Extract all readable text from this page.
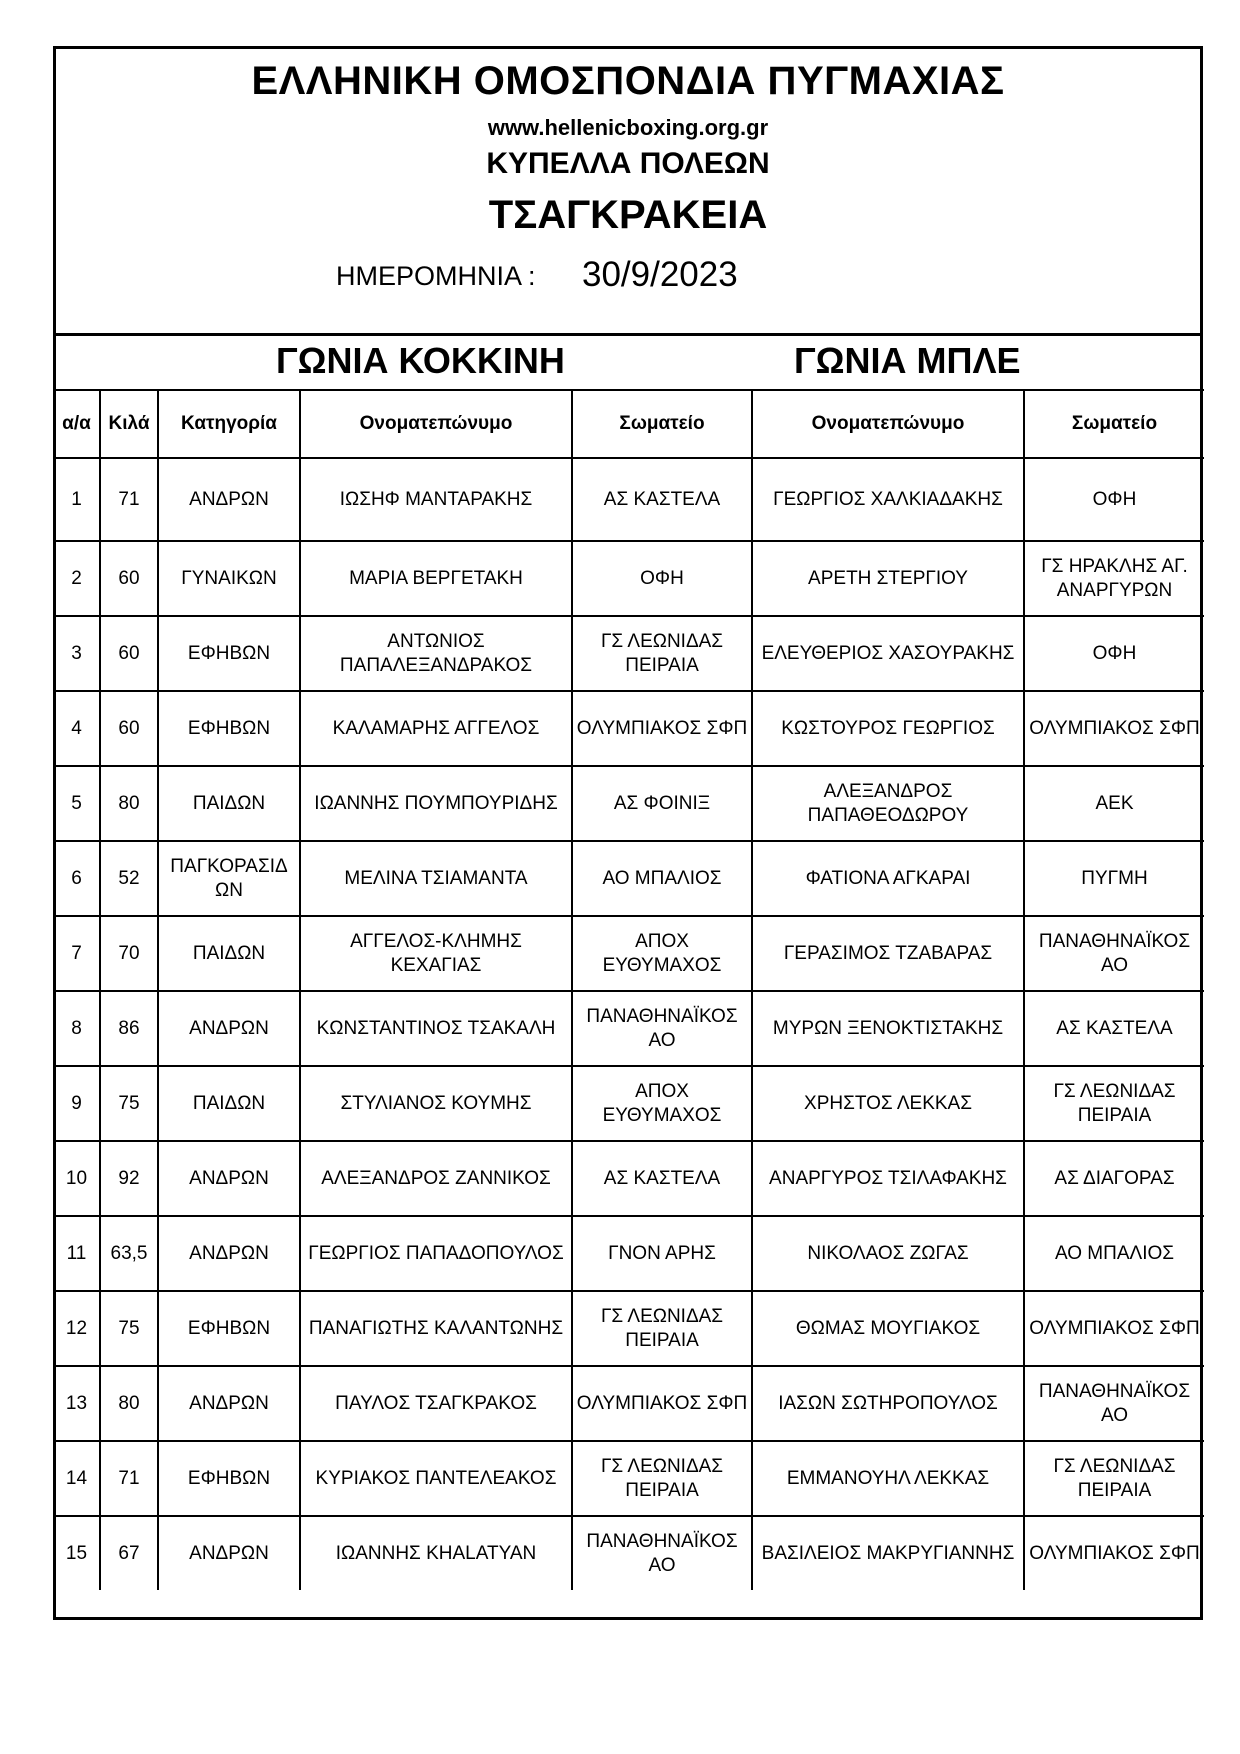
ΕΛΛΗΝΙΚΗ ΟΜΟΣΠΟΝΔΙΑ ΠΥΓΜΑΧΙΑΣ
www.hellenicboxing.org.gr
ΚΥΠΕΛΛΑ ΠΟΛΕΩΝ
ΤΣΑΓΚΡΑΚΕΙΑ
ΗΜΕΡΟΜΗΝΙΑ : 30/9/2023
ΓΩΝΙΑ ΚΟΚΚΙΝΗ	ΓΩΝΙΑ ΜΠΛΕ
α/α	Κιλά	Κατηγορία	Ονοματεπώνυμο	Σωματείο	Ονοματεπώνυμο	Σωματείο
1	71	ΑΝΔΡΩΝ	ΙΩΣΗΦ ΜΑΝΤΑΡΑΚΗΣ	ΑΣ ΚΑΣΤΕΛΑ	ΓΕΩΡΓΙΟΣ ΧΑΛΚΙΑΔΑΚΗΣ	ΟΦΗ
2	60	ΓΥΝΑΙΚΩΝ	ΜΑΡΙΑ ΒΕΡΓΕΤΑΚΗ	ΟΦΗ	ΑΡΕΤΗ ΣΤΕΡΓΙΟΥ	ΓΣ ΗΡΑΚΛΗΣ ΑΓ. ΑΝΑΡΓΥΡΩΝ
3	60	ΕΦΗΒΩΝ	ΑΝΤΩΝΙΟΣ ΠΑΠΑΛΕΞΑΝΔΡΑΚΟΣ	ΓΣ ΛΕΩΝΙΔΑΣ ΠΕΙΡΑΙΑ	ΕΛΕΥΘΕΡΙΟΣ ΧΑΣΟΥΡΑΚΗΣ	ΟΦΗ
4	60	ΕΦΗΒΩΝ	ΚΑΛΑΜΑΡΗΣ ΑΓΓΕΛΟΣ	ΟΛΥΜΠΙΑΚΟΣ ΣΦΠ	ΚΩΣΤΟΥΡΟΣ ΓΕΩΡΓΙΟΣ	ΟΛΥΜΠΙΑΚΟΣ ΣΦΠ
5	80	ΠΑΙΔΩΝ	ΙΩΑΝΝΗΣ ΠΟΥΜΠΟΥΡΙΔΗΣ	ΑΣ ΦΟΙΝΙΞ	ΑΛΕΞΑΝΔΡΟΣ ΠΑΠΑΘΕΟΔΩΡΟΥ	ΑΕΚ
6	52	ΠΑΓΚΟΡΑΣΙΔ ΩΝ	ΜΕΛΙΝΑ ΤΣΙΑΜΑΝΤΑ	ΑΟ ΜΠΑΛΙΟΣ	ΦΑΤΙΟΝΑ ΑΓΚΑΡΑΙ	ΠΥΓΜΗ
7	70	ΠΑΙΔΩΝ	ΑΓΓΕΛΟΣ-ΚΛΗΜΗΣ ΚΕΧΑΓΙΑΣ	ΑΠΟΧ ΕΥΘΥΜΑΧΟΣ	ΓΕΡΑΣΙΜΟΣ ΤΖΑΒΑΡΑΣ	ΠΑΝΑΘΗΝΑΪΚΟΣ ΑΟ
8	86	ΑΝΔΡΩΝ	ΚΩΝΣΤΑΝΤΙΝΟΣ ΤΣΑΚΑΛΗ	ΠΑΝΑΘΗΝΑΪΚΟΣ ΑΟ	ΜΥΡΩΝ ΞΕΝΟΚΤΙΣΤΑΚΗΣ	ΑΣ ΚΑΣΤΕΛΑ
9	75	ΠΑΙΔΩΝ	ΣΤΥΛΙΑΝΟΣ ΚΟΥΜΗΣ	ΑΠΟΧ ΕΥΘΥΜΑΧΟΣ	ΧΡΗΣΤΟΣ ΛΕΚΚΑΣ	ΓΣ ΛΕΩΝΙΔΑΣ ΠΕΙΡΑΙΑ
10	92	ΑΝΔΡΩΝ	ΑΛΕΞΑΝΔΡΟΣ ΖΑΝΝΙΚΟΣ	ΑΣ ΚΑΣΤΕΛΑ	ΑΝΑΡΓΥΡΟΣ ΤΣΙΛΑΦΑΚΗΣ	ΑΣ ΔΙΑΓΟΡΑΣ
11	63,5	ΑΝΔΡΩΝ	ΓΕΩΡΓΙΟΣ ΠΑΠΑΔΟΠΟΥΛΟΣ	ΓΝΟΝ ΑΡΗΣ	ΝΙΚΟΛΑΟΣ ΖΩΓΑΣ	ΑΟ ΜΠΑΛΙΟΣ
12	75	ΕΦΗΒΩΝ	ΠΑΝΑΓΙΩΤΗΣ ΚΑΛΑΝΤΩΝΗΣ	ΓΣ ΛΕΩΝΙΔΑΣ ΠΕΙΡΑΙΑ	ΘΩΜΑΣ ΜΟΥΓΙΑΚΟΣ	ΟΛΥΜΠΙΑΚΟΣ ΣΦΠ
13	80	ΑΝΔΡΩΝ	ΠΑΥΛΟΣ ΤΣΑΓΚΡΑΚΟΣ	ΟΛΥΜΠΙΑΚΟΣ ΣΦΠ	ΙΑΣΩΝ ΣΩΤΗΡΟΠΟΥΛΟΣ	ΠΑΝΑΘΗΝΑΪΚΟΣ ΑΟ
14	71	ΕΦΗΒΩΝ	ΚΥΡΙΑΚΟΣ ΠΑΝΤΕΛΕΑΚΟΣ	ΓΣ ΛΕΩΝΙΔΑΣ ΠΕΙΡΑΙΑ	ΕΜΜΑΝΟΥΗΛ ΛΕΚΚΑΣ	ΓΣ ΛΕΩΝΙΔΑΣ ΠΕΙΡΑΙΑ
15	67	ΑΝΔΡΩΝ	ΙΩΑΝΝΗΣ ΚΗΑLΑΤΥΑΝ	ΠΑΝΑΘΗΝΑΪΚΟΣ ΑΟ	ΒΑΣΙΛΕΙΟΣ ΜΑΚΡΥΓΙΑΝΝΗΣ	ΟΛΥΜΠΙΑΚΟΣ ΣΦΠ
